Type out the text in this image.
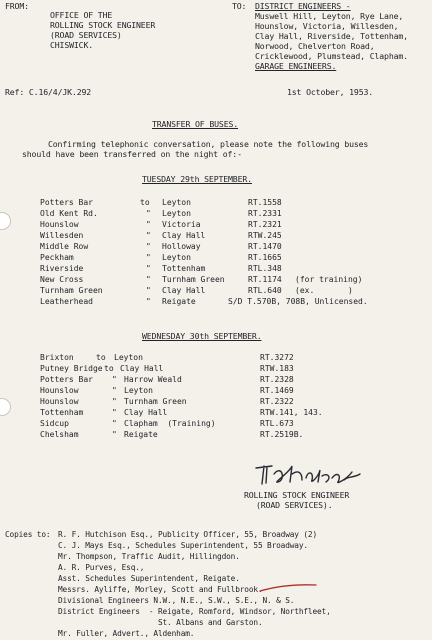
FROM:
OFFICE OF THE
ROLLING STOCK ENGINEER
(ROAD SERVICES)
CHISWICK.
TO: DISTRICT ENGINEERS -
Muswell Hill, Leyton, Rye Lane,
Hounslow, Victoria, Willesden,
Clay Hall, Riverside, Tottenham,
Norwood, Chelverton Road,
Cricklewood, Plumstead, Clapham.
GARAGE ENGINEERS.
Ref: C.16/4/JK.292	1st October, 1953.
TRANSFER OF BUSES.
Confirming telephonic conversation, please note the following buses
should have been transferred on the night of:-
TUESDAY 29th SEPTEMBER.
Potters Bar	to Leyton	RT.1558
Old Kent Rd.	" Leyton	RT.2331
Hounslow	" Victoria	RT.2321
Willesden	" Clay Hall	RTW.245
Middle Row	" Holloway	RT.1470
Peckham	" Leyton	RT.1665
Riverside	" Tottenham	RTL.348
New Cross	" Turnham Green	RT.1174 (for training)
Turnham Green	" Clay Hall	RTL.640 (ex.       )
Leatherhead	" Reigate	S/D T.570B, 708B, Unlicensed.
WEDNESDAY 30th SEPTEMBER.
Brixton	to Leyton	RT.3272
Putney Bridge to Clay Hall	RTW.183
Potters Bar " Harrow Weald	RT.2328
Hounslow	" Leyton	RT.1469
Hounslow	" Turnham Green	RT.2322
Tottenham	" Clay Hall	RTW.141, 143.
Sidcup	" Clapham  (Training)	RTL.673
Chelsham	" Reigate	RT.2519B.
ROLLING STOCK ENGINEER
(ROAD SERVICES).
Copies to: R. F. Hutchison Esq., Publicity Officer, 55, Broadway (2)
C. J. Mays Esq., Schedules Superintendent, 55 Broadway.
Mr. Thompson, Traffic Audit, Hillingdon.
A. R. Purves, Esq.,
Asst. Schedules Superintendent, Reigate.
Messrs. Ayliffe, Morley, Scott and Fullbrook.
Divisional Engineers N.W., N.E., S.W., S.E., N. & S.
District Engineers  - Reigate, Romford, Windsor, Northfleet,
St. Albans and Garston.
Mr. Fuller, Advert., Aldenham.
